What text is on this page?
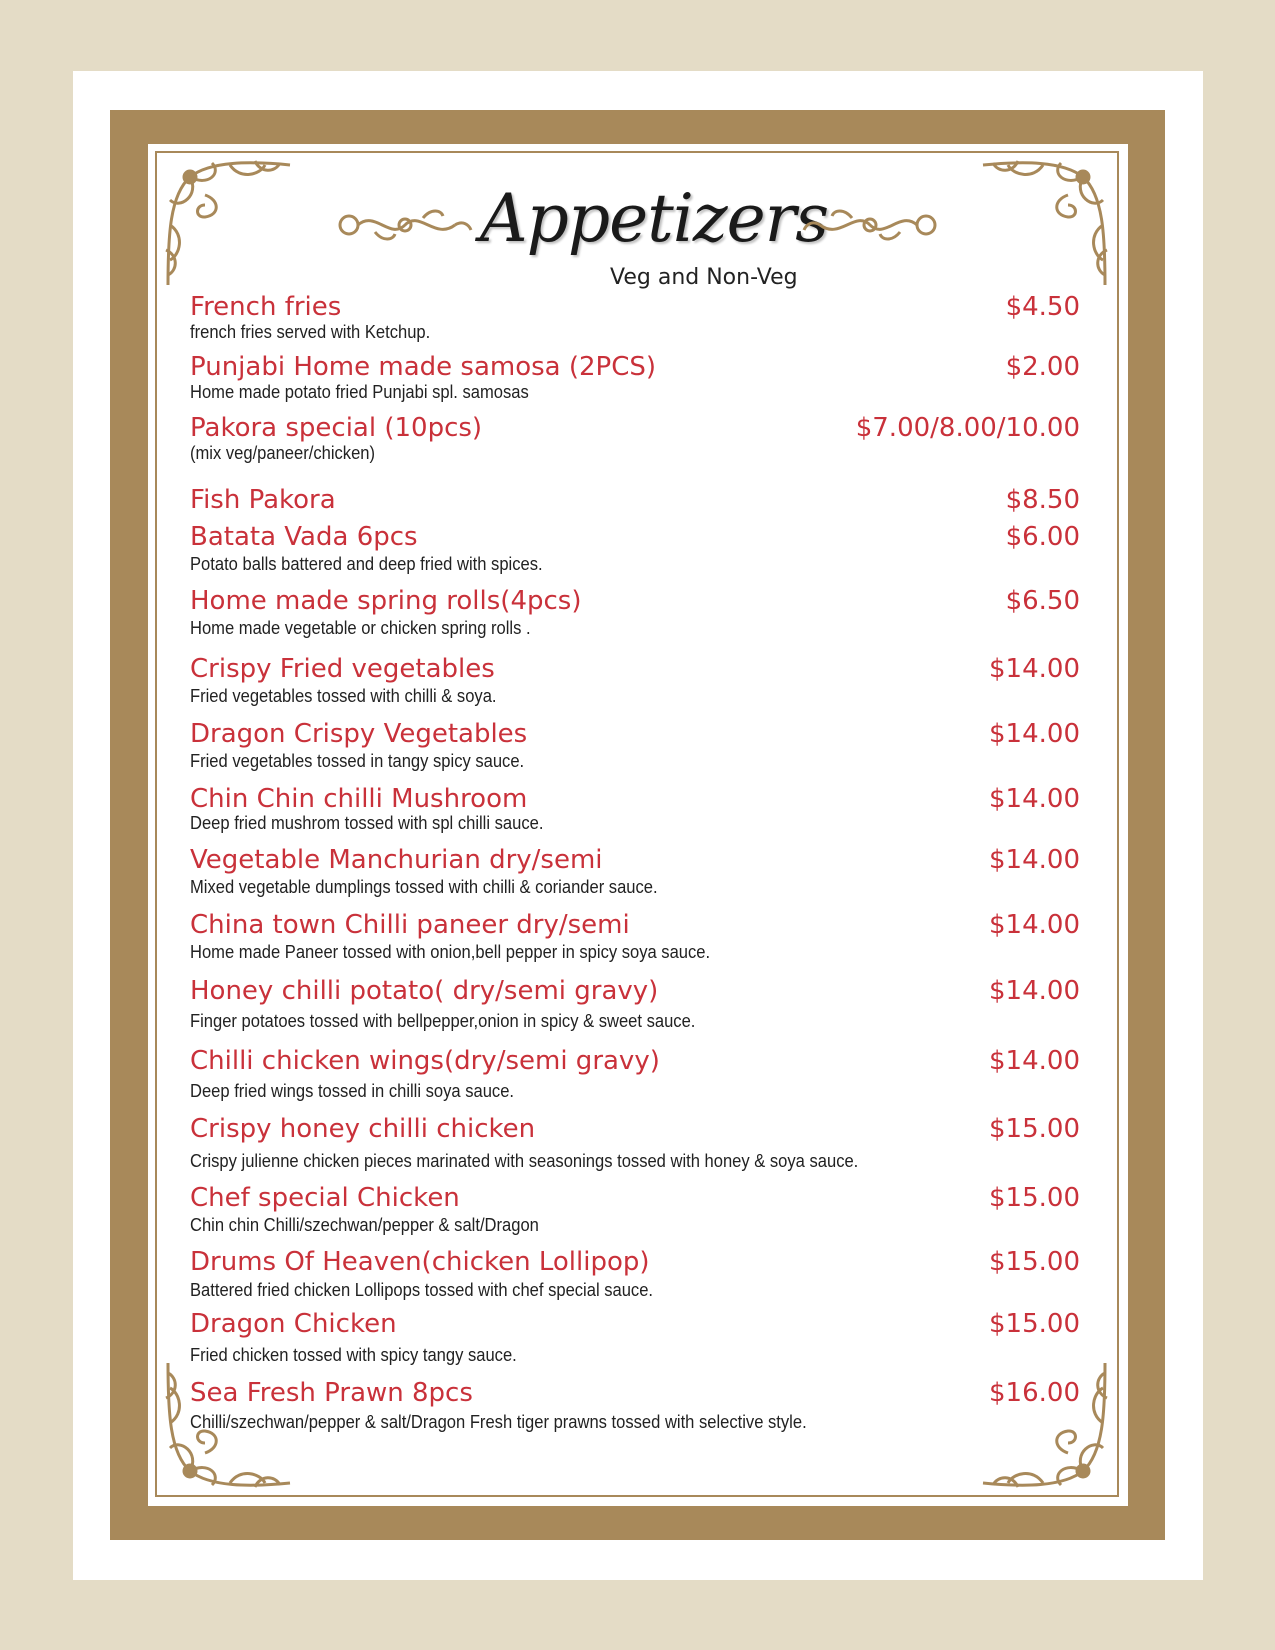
Appetizers
Veg and Non-Veg
French fries	$4.50
french fries served with Ketchup.
Punjabi Home made samosa (2PCS)	$2.00
Home made potato fried Punjabi spl. samosas
Pakora special (10pcs)	$7.00/8.00/10.00
(mix veg/paneer/chicken)
Fish Pakora	$8.50
Batata Vada 6pcs	$6.00
Potato balls battered and deep fried with spices.
Home made spring rolls(4pcs)	$6.50
Home made vegetable or chicken spring rolls .
Crispy Fried vegetables	$14.00
Fried vegetables tossed with chilli & soya.
Dragon Crispy Vegetables	$14.00
Fried vegetables tossed in tangy spicy sauce.
Chin Chin chilli Mushroom	$14.00
Deep fried mushrom tossed with spl chilli sauce.
Vegetable Manchurian dry/semi	$14.00
Mixed vegetable dumplings tossed with chilli & coriander sauce.
China town Chilli paneer dry/semi	$14.00
Home made Paneer tossed with onion,bell pepper in spicy soya sauce.
Honey chilli potato( dry/semi gravy)	$14.00
Finger potatoes tossed with bellpepper,onion in spicy & sweet sauce.
Chilli chicken wings(dry/semi gravy)	$14.00
Deep fried wings tossed in chilli soya sauce.
Crispy honey chilli chicken	$15.00
Crispy julienne chicken pieces marinated with seasonings tossed with honey & soya sauce.
Chef special Chicken	$15.00
Chin chin Chilli/szechwan/pepper & salt/Dragon
Drums Of Heaven(chicken Lollipop)	$15.00
Battered fried chicken Lollipops tossed with chef special sauce.
Dragon Chicken	$15.00
Fried chicken tossed with spicy tangy sauce.
Sea Fresh Prawn 8pcs	$16.00
Chilli/szechwan/pepper & salt/Dragon Fresh tiger prawns tossed with selective style.
